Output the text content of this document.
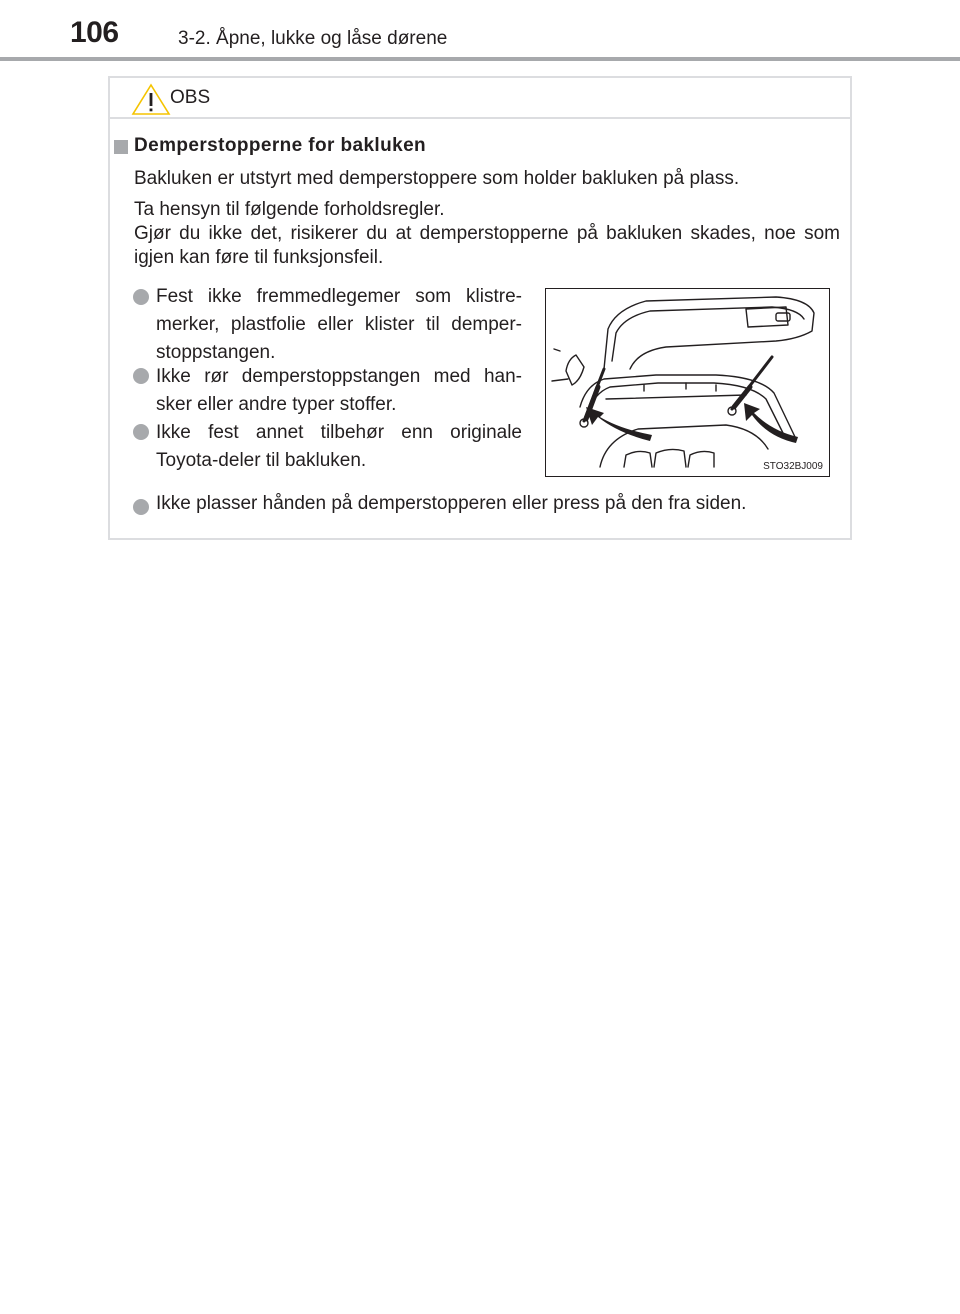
106	3-2. Åpne, lukke og låse dørene
OBS
Demperstopperne for bakluken
Bakluken er utstyrt med demperstoppere som holder bakluken på plass.
Ta hensyn til følgende forholdsregler.
Gjør du ikke det, risikerer du at demperstopperne på bakluken skades, noe som igjen kan føre til funksjonsfeil.
Fest ikke fremmedlegemer som klistre-merker, plastfolie eller klister til demper-stoppstangen.
Ikke rør demperstoppstangen med han-sker eller andre typer stoffer.
Ikke fest annet tilbehør enn originale Toyota-deler til bakluken.
Ikke plasser hånden på demperstopperen eller press på den fra siden.
STO32BJ009
